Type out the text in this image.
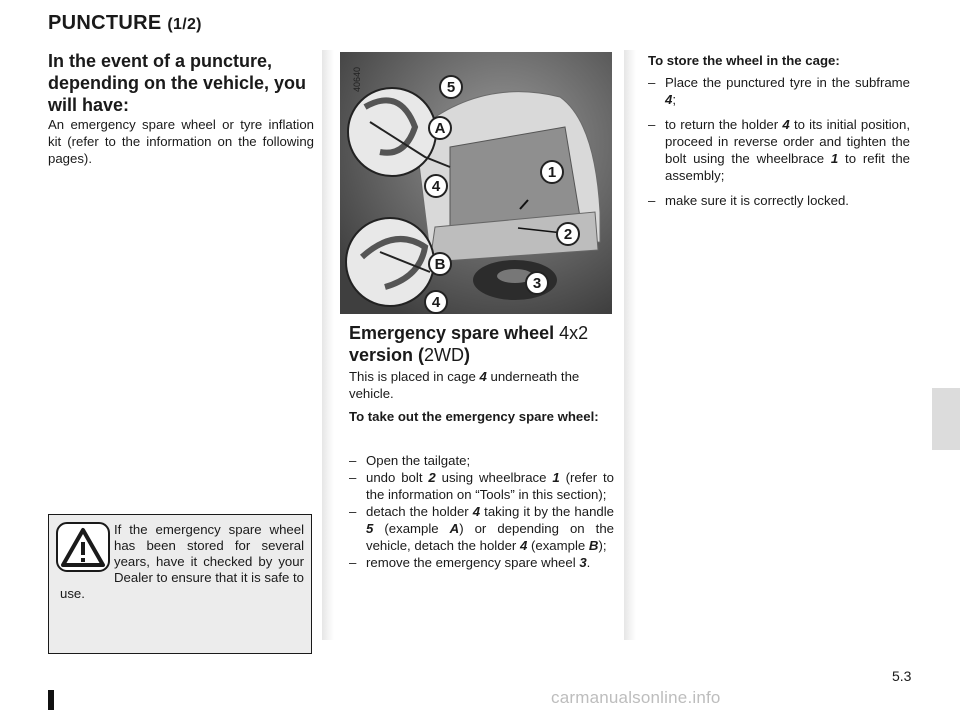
PUNCTURE (1/2)
In the event of a puncture, depending on the vehicle, you will have:
An emergency spare wheel or tyre inflation kit (refer to the information on the following pages).
If the emergency spare wheel has been stored for several years, have it checked by your Dealer to ensure that it is safe to use.
40640	5
A
1
4
2
B
3
4
Emergency spare wheel 4x2
version (2WD)
This is placed in cage 4 underneath the vehicle.
To take out the emergency spare wheel:
– Open the tailgate;
– undo bolt 2 using wheelbrace 1 (refer to the information on “Tools” in this section);
– detach the holder 4 taking it by the handle 5 (example A) or depending on the vehicle, detach the holder 4 (example B);
– remove the emergency spare wheel 3.
To store the wheel in the cage:
– Place the punctured tyre in the subframe 4;
– to return the holder 4 to its initial position, proceed in reverse order and tighten the bolt using the wheelbrace 1 to refit the assembly;
– make sure it is correctly locked.
5.3
carmanualsonline.info
